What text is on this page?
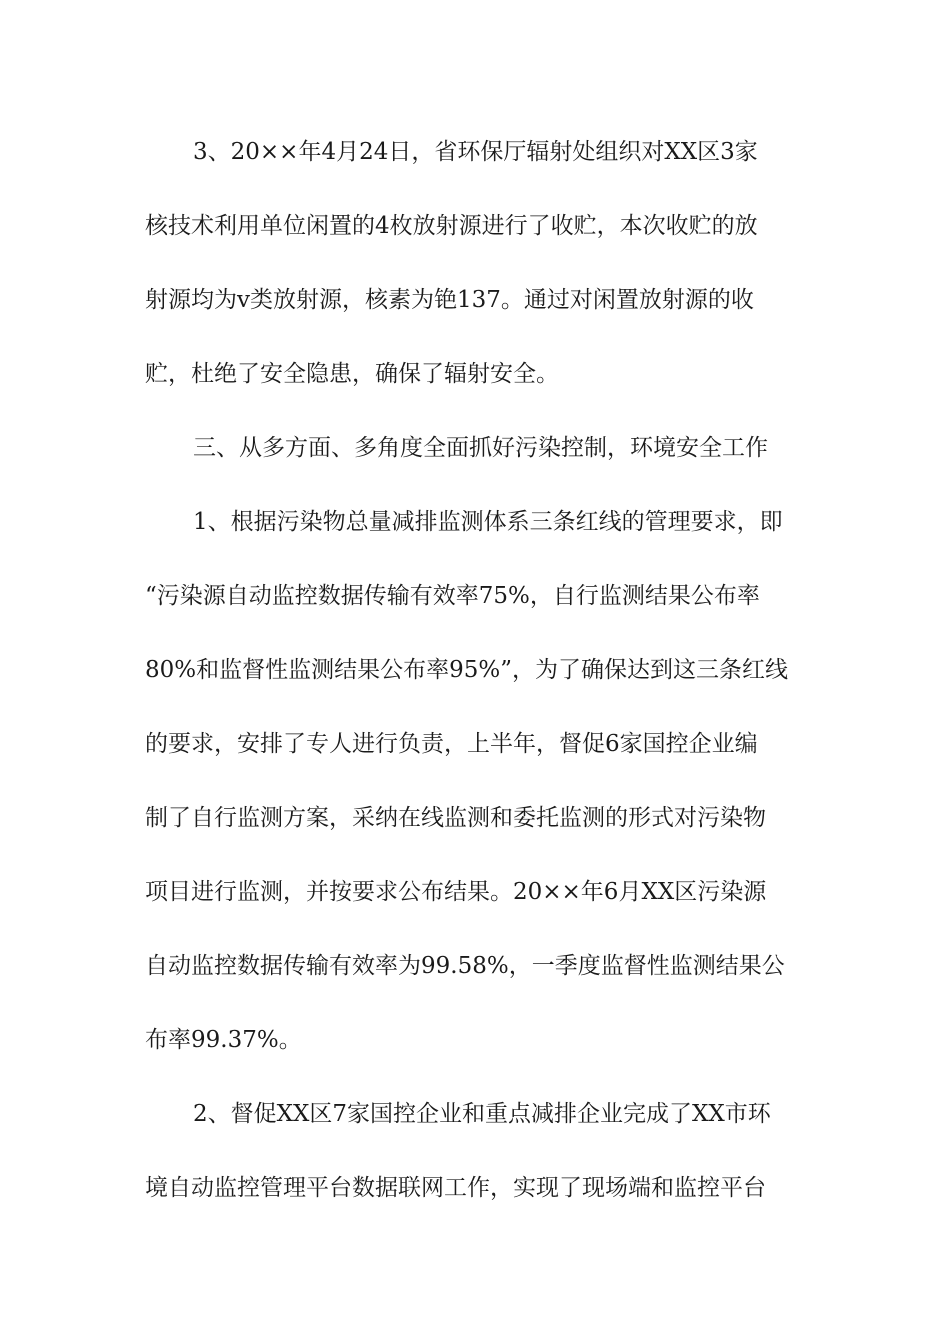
3、20××年4月24日，省环保厅辐射处组织对XX区3家
核技术利用单位闲置的4枚放射源进行了收贮，本次收贮的放
射源均为v类放射源，核素为铯137。通过对闲置放射源的收
贮，杜绝了安全隐患，确保了辐射安全。
三、从多方面、多角度全面抓好污染控制，环境安全工作
1、根据污染物总量减排监测体系三条红线的管理要求，即
“污染源自动监控数据传输有效率75%，自行监测结果公布率
80%和监督性监测结果公布率95%”，为了确保达到这三条红线
的要求，安排了专人进行负责，上半年，督促6家国控企业编
制了自行监测方案，采纳在线监测和委托监测的形式对污染物
项目进行监测，并按要求公布结果。20××年6月XX区污染源
自动监控数据传输有效率为99.58%，一季度监督性监测结果公
布率99.37%。
2、督促XX区7家国控企业和重点减排企业完成了XX市环
境自动监控管理平台数据联网工作，实现了现场端和监控平台
